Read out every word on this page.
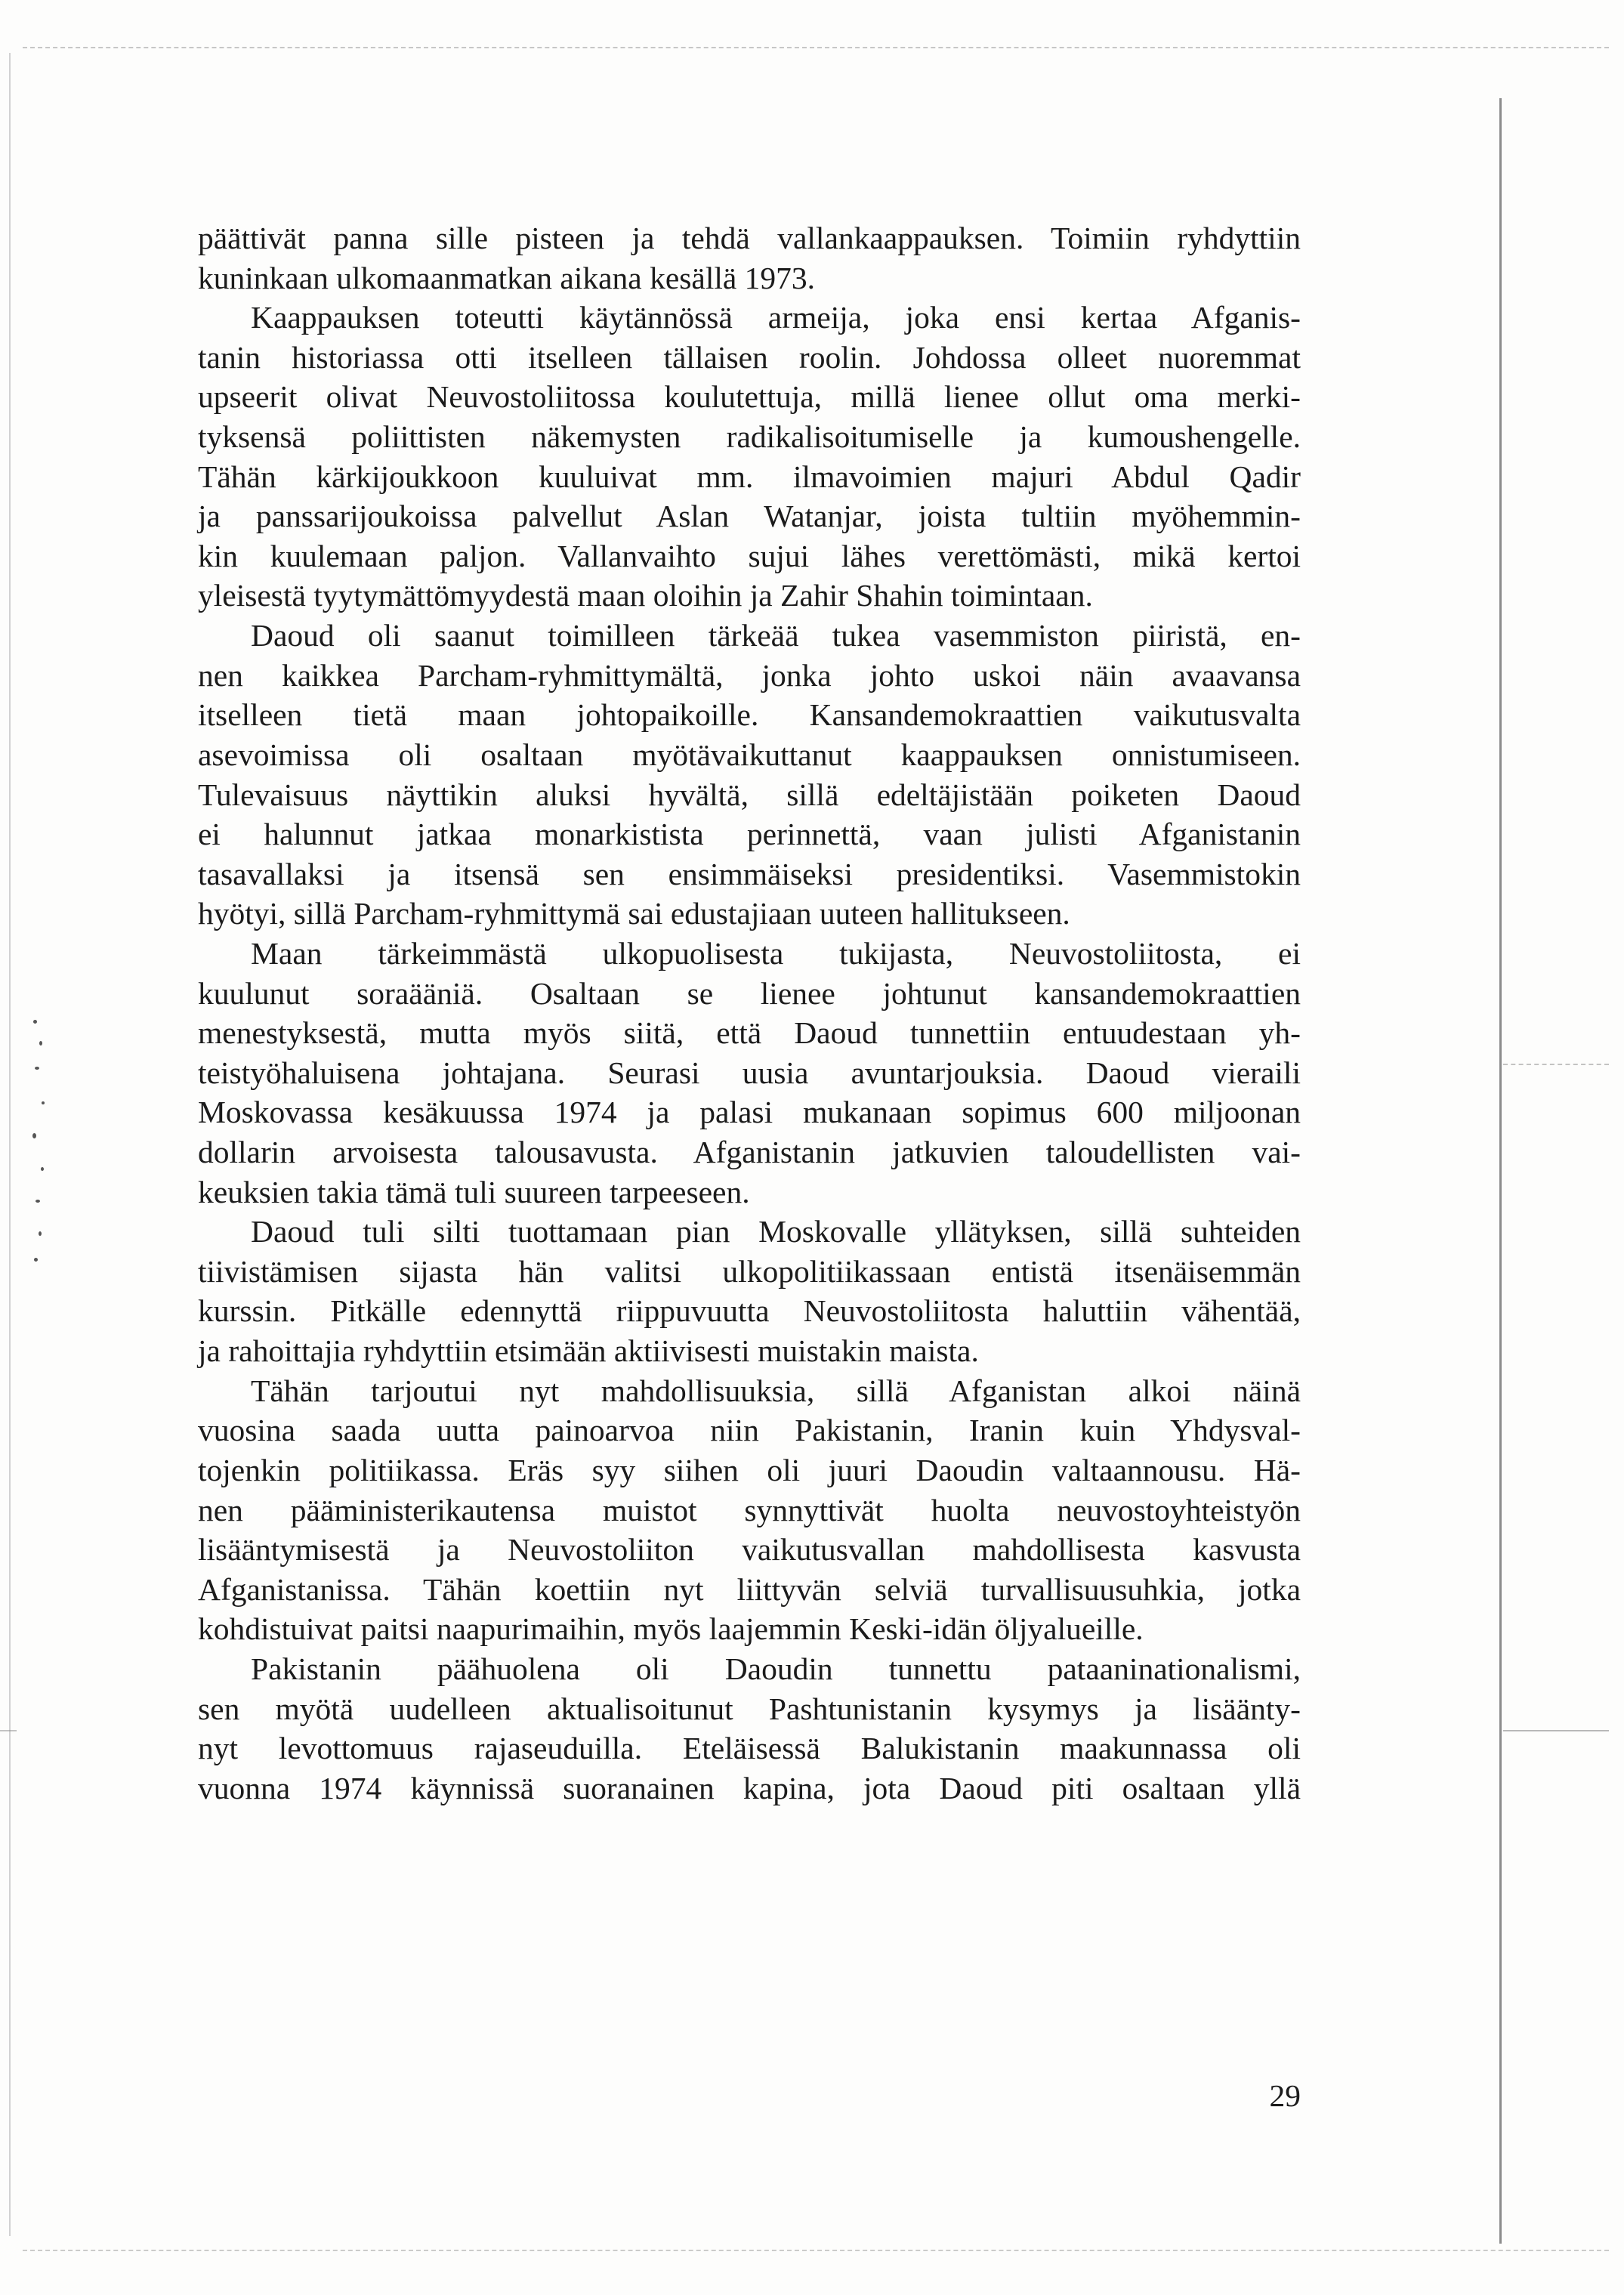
päättivät panna sille pisteen ja tehdä vallankaappauksen. Toimiin ryhdyttiin
kuninkaan ulkomaanmatkan aikana kesällä 1973.
Kaappauksen toteutti käytännössä armeija, joka ensi kertaa Afganis-
tanin historiassa otti itselleen tällaisen roolin. Johdossa olleet nuoremmat
upseerit olivat Neuvostoliitossa koulutettuja, millä lienee ollut oma merki-
tyksensä poliittisten näkemysten radikalisoitumiselle ja kumoushengelle.
Tähän kärkijoukkoon kuuluivat mm. ilmavoimien majuri Abdul Qadir
ja panssarijoukoissa palvellut Aslan Watanjar, joista tultiin myöhemmin-
kin kuulemaan paljon. Vallanvaihto sujui lähes verettömästi, mikä kertoi
yleisestä tyytymättömyydestä maan oloihin ja Zahir Shahin toimintaan.
Daoud oli saanut toimilleen tärkeää tukea vasemmiston piiristä, en-
nen kaikkea Parcham-ryhmittymältä, jonka johto uskoi näin avaavansa
itselleen tietä maan johtopaikoille. Kansandemokraattien vaikutusvalta
asevoimissa oli osaltaan myötävaikuttanut kaappauksen onnistumiseen.
Tulevaisuus näyttikin aluksi hyvältä, sillä edeltäjistään poiketen Daoud
ei halunnut jatkaa monarkistista perinnettä, vaan julisti Afganistanin
tasavallaksi ja itsensä sen ensimmäiseksi presidentiksi. Vasemmistokin
hyötyi, sillä Parcham-ryhmittymä sai edustajiaan uuteen hallitukseen.
Maan tärkeimmästä ulkopuolisesta tukijasta, Neuvostoliitosta, ei
kuulunut soraääniä. Osaltaan se lienee johtunut kansandemokraattien
menestyksestä, mutta myös siitä, että Daoud tunnettiin entuudestaan yh-
teistyöhaluisena johtajana. Seurasi uusia avuntarjouksia. Daoud vieraili
Moskovassa kesäkuussa 1974 ja palasi mukanaan sopimus 600 miljoonan
dollarin arvoisesta talousavusta. Afganistanin jatkuvien taloudellisten vai-
keuksien takia tämä tuli suureen tarpeeseen.
Daoud tuli silti tuottamaan pian Moskovalle yllätyksen, sillä suhteiden
tiivistämisen sijasta hän valitsi ulkopolitiikassaan entistä itsenäisemmän
kurssin. Pitkälle edennyttä riippuvuutta Neuvostoliitosta haluttiin vähentää,
ja rahoittajia ryhdyttiin etsimään aktiivisesti muistakin maista.
Tähän tarjoutui nyt mahdollisuuksia, sillä Afganistan alkoi näinä
vuosina saada uutta painoarvoa niin Pakistanin, Iranin kuin Yhdysval-
tojenkin politiikassa. Eräs syy siihen oli juuri Daoudin valtaannousu. Hä-
nen pääministerikautensa muistot synnyttivät huolta neuvostoyhteistyön
lisääntymisestä ja Neuvostoliiton vaikutusvallan mahdollisesta kasvusta
Afganistanissa. Tähän koettiin nyt liittyvän selviä turvallisuusuhkia, jotka
kohdistuivat paitsi naapurimaihin, myös laajemmin Keski-idän öljyalueille.
Pakistanin päähuolena oli Daoudin tunnettu pataaninationalismi,
sen myötä uudelleen aktualisoitunut Pashtunistanin kysymys ja lisäänty-
nyt levottomuus rajaseuduilla. Eteläisessä Balukistanin maakunnassa oli
vuonna 1974 käynnissä suoranainen kapina, jota Daoud piti osaltaan yllä
29
